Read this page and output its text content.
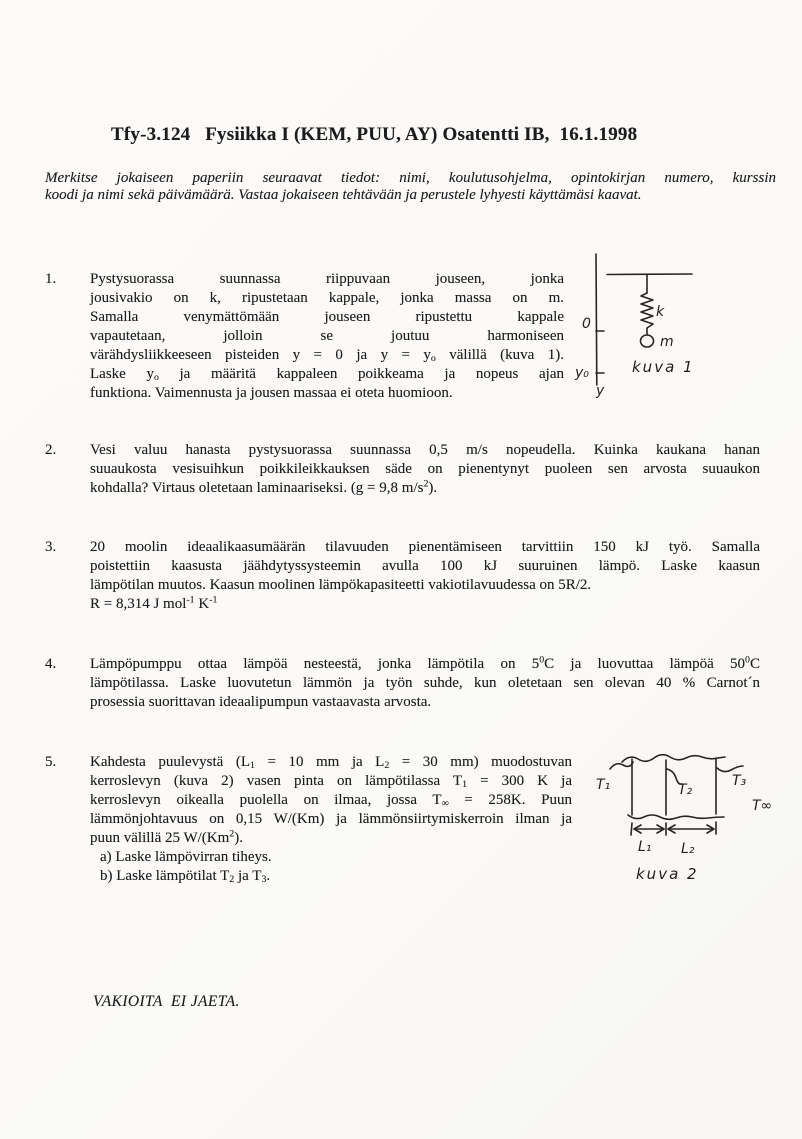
Tfy-3.124   Fysiikka I (KEM, PUU, AY) Osatentti IB,  16.1.1998
Merkitse jokaiseen paperiin seuraavat tiedot: nimi, koulutusohjelma, opintokirjan numero, kurssin
koodi ja nimi sekä päivämäärä. Vastaa jokaiseen tehtävään ja perustele lyhyesti käyttämäsi kaavat.
1.	Pystysuorassa suunnassa riippuvaan jouseen, jonka
jousivakio on k, ripustetaan kappale, jonka massa on m.
Samalla venymättömään jouseen ripustettu kappale
vapautetaan, jolloin se joutuu harmoniseen
värähdysliikkeeseen pisteiden y = 0 ja $y = y_o$ välillä (kuva 1).
Laske $y_o$ ja määritä kappaleen poikkeama ja nopeus ajan
funktiona. Vaimennusta ja jousen massaa ei oteta huomioon.
2.	Vesi valuu hanasta pystysuorassa suunnassa 0,5 m/s nopeudella. Kuinka kaukana hanan
suuaukosta vesisuihkun poikkileikkauksen säde on pienentynyt puoleen sen arvosta suuaukon
kohdalla? Virtaus oletetaan laminaariseksi. (g = 9,8 $m/s^2$).
3.	20 moolin ideaalikaasumäärän tilavuuden pienentämiseen tarvittiin 150 kJ työ. Samalla
poistettiin kaasusta jäähdytyssysteemin avulla 100 kJ suuruinen lämpö. Laske kaasun
lämpötilan muutos. Kaasun moolinen lämpökapasiteetti vakiotilavuudessa on 5R/2.
R = 8,314 J mol$^{-1}$ $K^{-1}$
4.	Lämpöpumppu ottaa lämpöä nesteestä, jonka lämpötila on $5^0C$ ja luovuttaa lämpöä $50^0C$
lämpötilassa. Laske luovutetun lämmön ja työn suhde, kun oletetaan sen olevan 40 % Carnot´n
prosessia suorittavan ideaalipumpun vastaavasta arvosta.
5.	Kahdesta puulevystä ($L_1 = 10$ mm ja $L_2 = 30$ mm) muodostuvan
kerroslevyn (kuva 2) vasen pinta on lämpötilassa $T_1 = 300$ K ja
kerroslevyn oikealla puolella on ilmaa, jossa $T_\infty = 258K$. Puun
lämmönjohtavuus on 0,15 W/(Km) ja lämmönsiirtymiskerroin ilman ja
puun välillä 25 W/(Km$^2$).
a) Laske lämpövirran tiheys.
b) Laske lämpötilat $T_2$ ja $T_3$.
0
y₀
y
k
m
kuva 1
T₁	T₂
T₃
T∞
L₁ L₂
kuva 2
VAKIOITA  EI JAETA.
